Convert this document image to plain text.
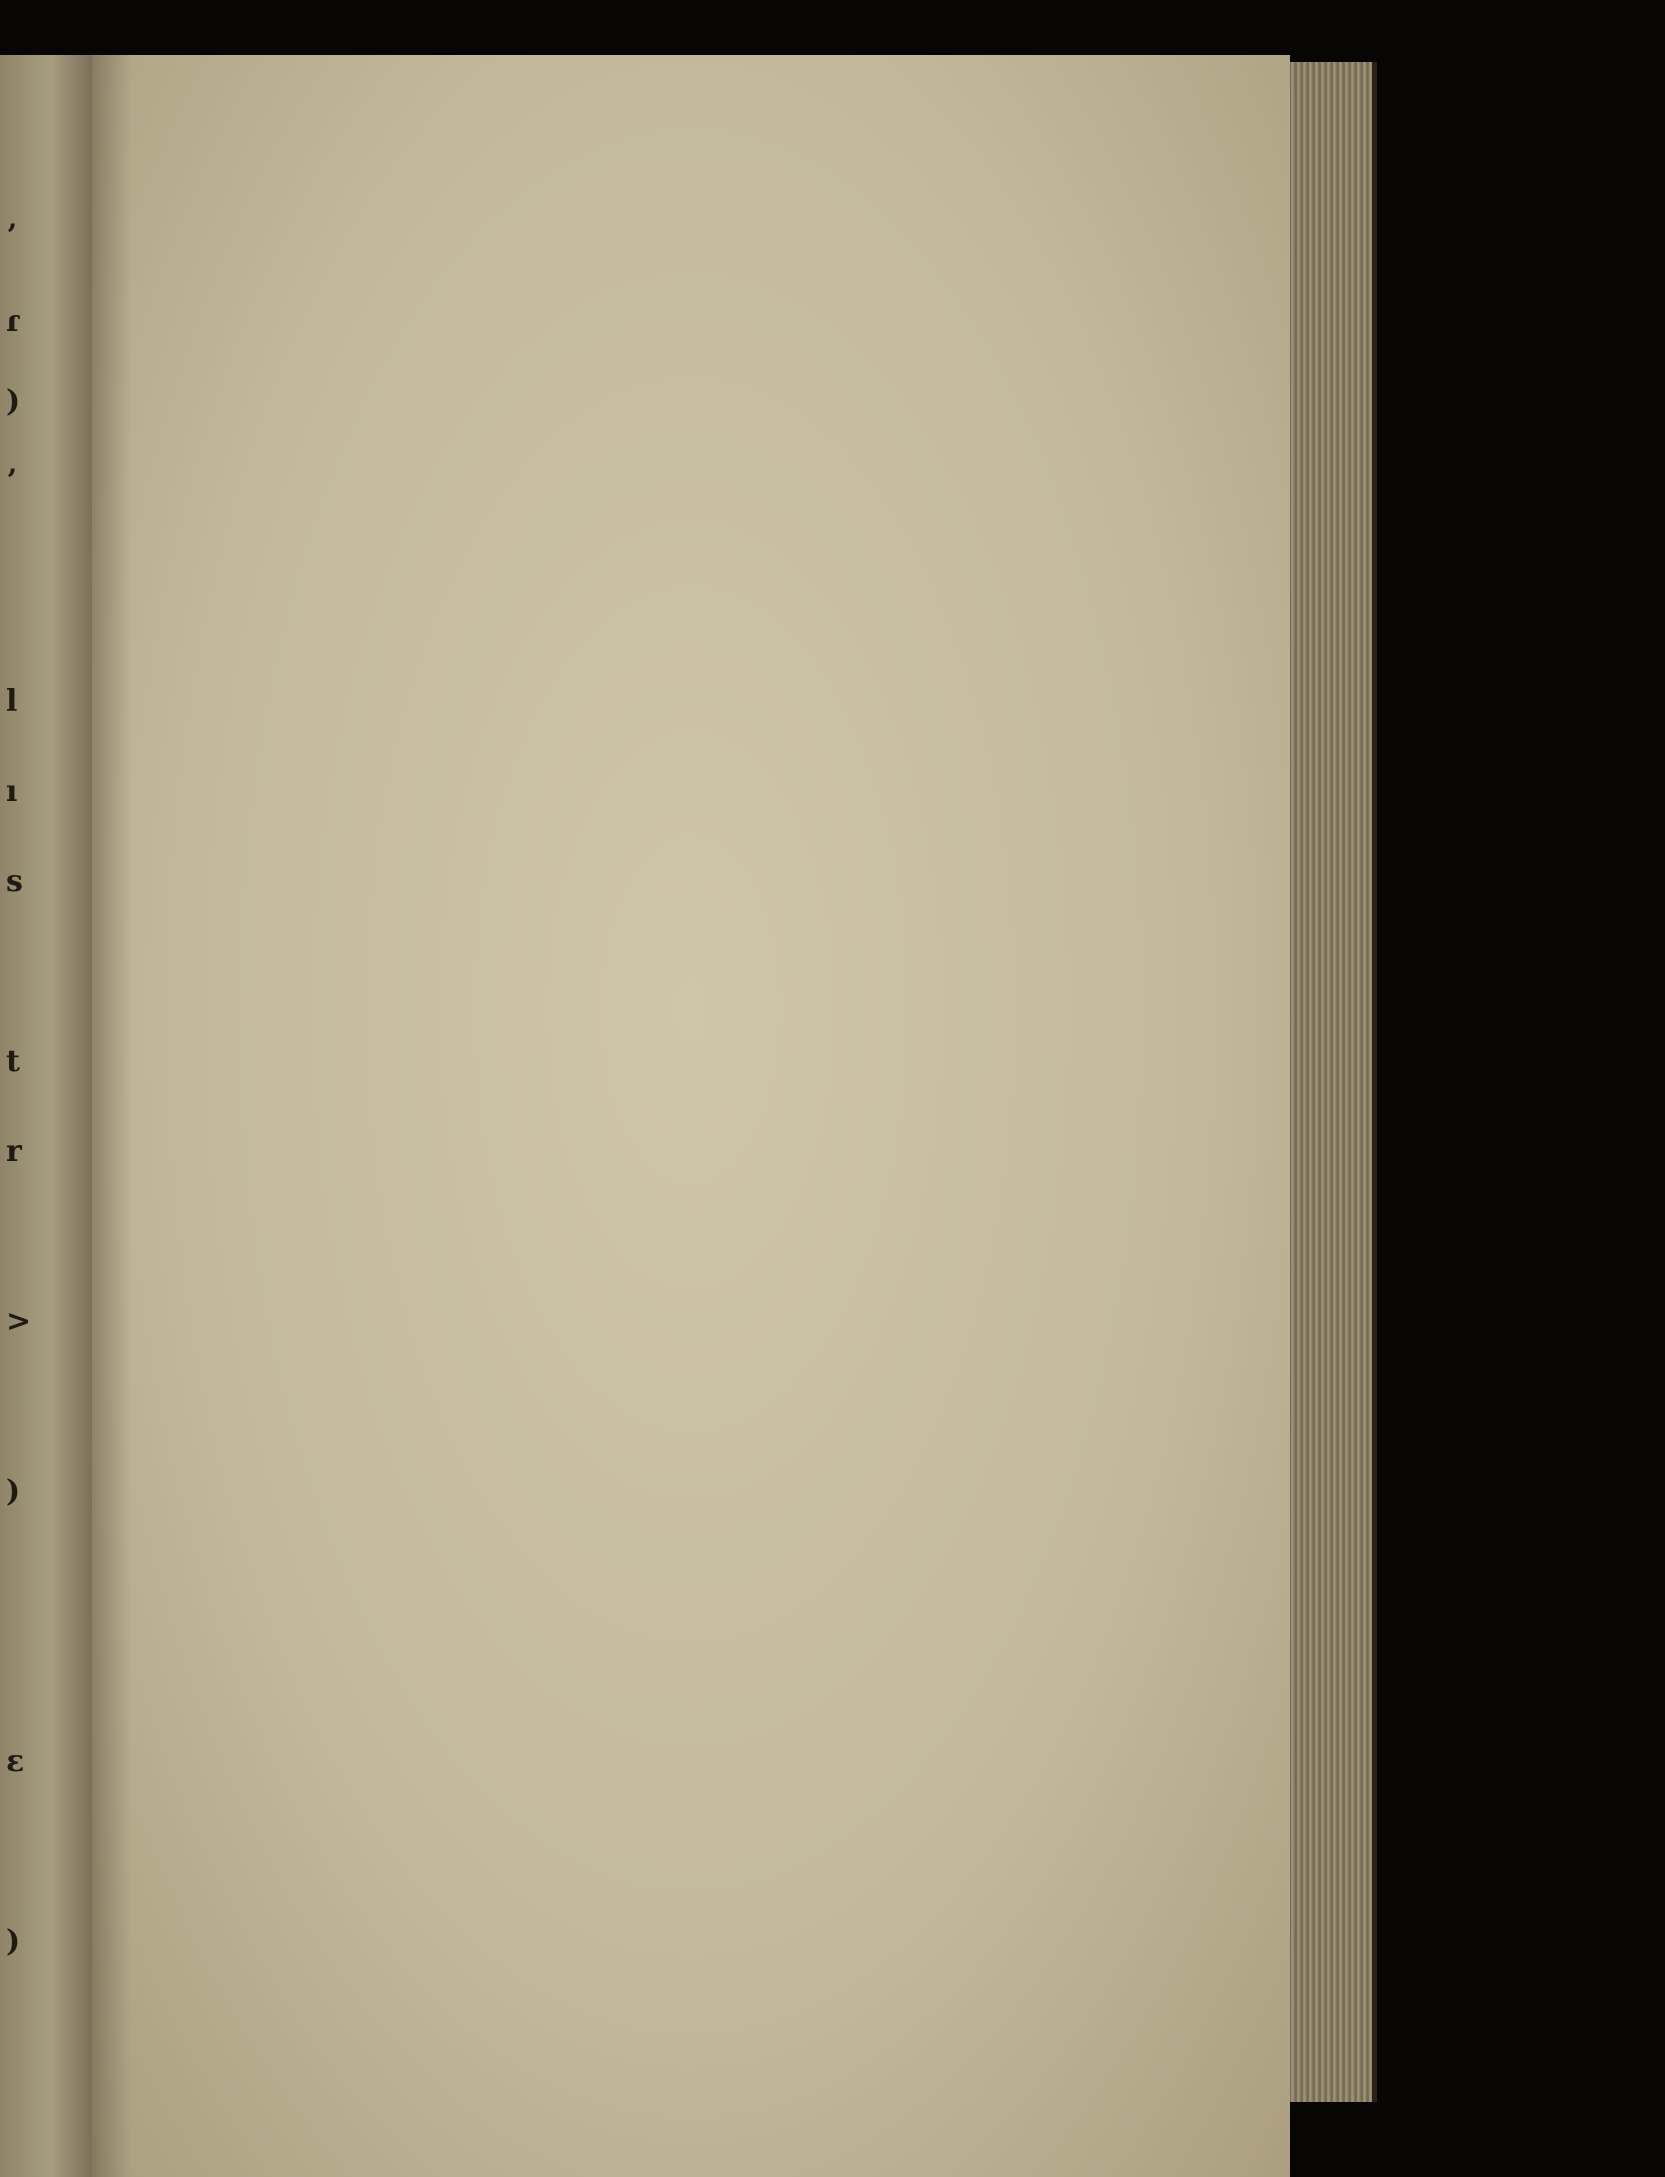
ʼ
ɾ
)
ʼ
l
ı
s
t
r
>
)
ɛ
)
